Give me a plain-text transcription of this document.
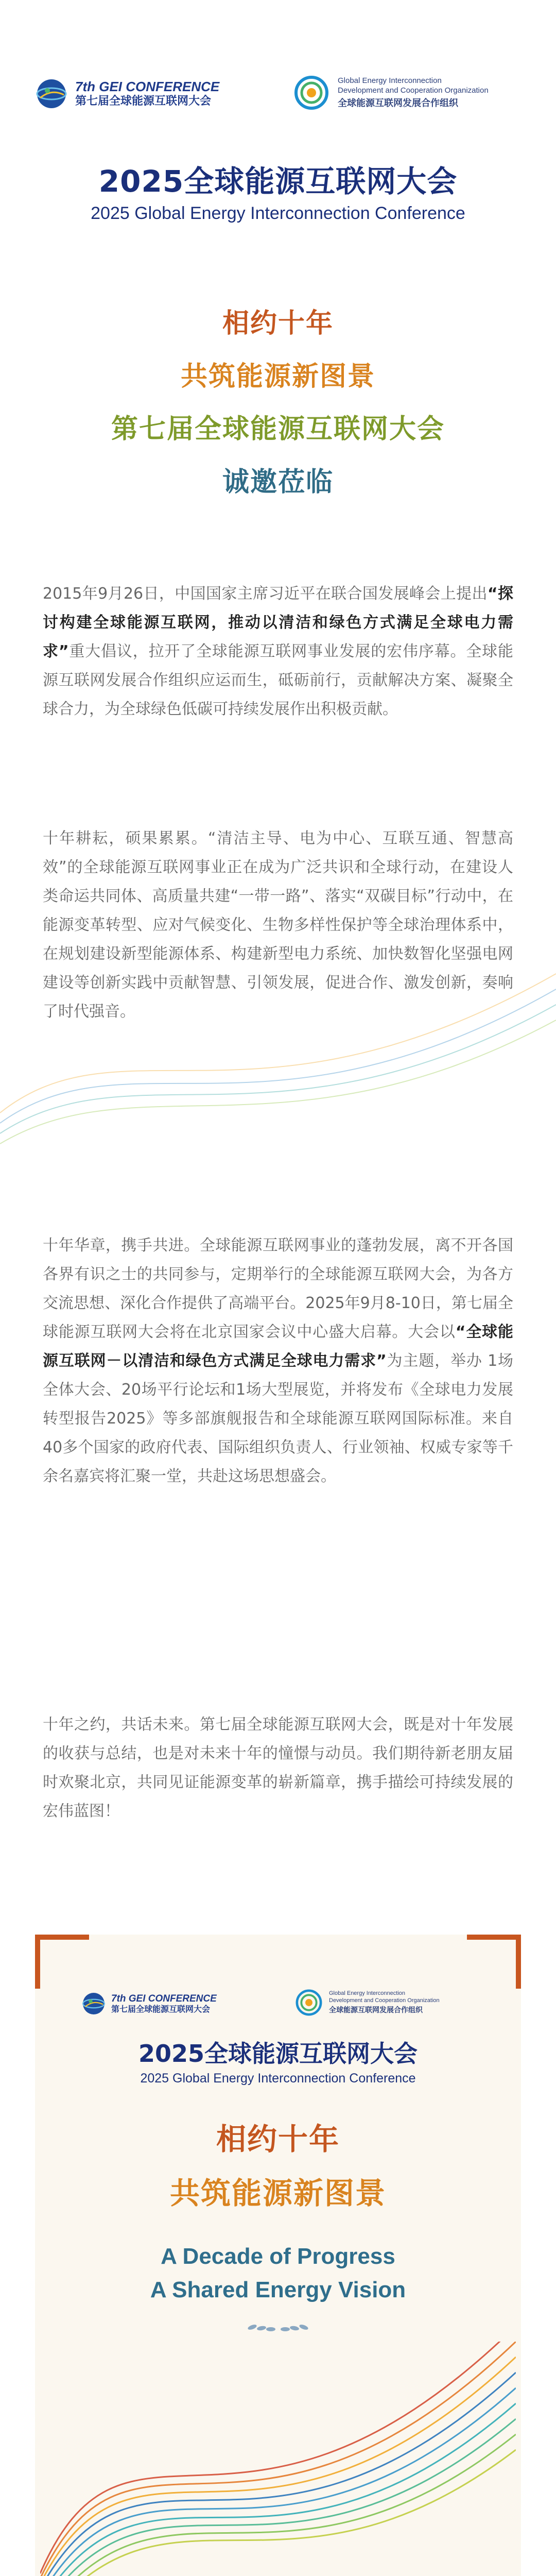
7th GEI CONFERENCE
第七届全球能源互联网大会
Global Energy Interconnection
Development and Cooperation Organization
全球能源互联网发展合作组织
2025全球能源互联网大会
2025 Global Energy Interconnection Conference
相约十年
共筑能源新图景
第七届全球能源互联网大会
诚邀莅临

2015年9月26日，中国国家主席习近平在联合国发展峰会上提出“探讨构建全球能源互联网，推动以清洁和绿色方式满足全球电力需求”重大倡议，拉开了全球能源互联网事业发展的宏伟序幕。全球能源互联网发展合作组织应运而生，砥砺前行，贡献解决方案、凝聚全球合力，为全球绿色低碳可持续发展作出积极贡献。

十年耕耘，硕果累累。“清洁主导、电为中心、互联互通、智慧高效”的全球能源互联网事业正在成为广泛共识和全球行动，在建设人类命运共同体、高质量共建“一带一路”、落实“双碳目标”行动中，在能源变革转型、应对气候变化、生物多样性保护等全球治理体系中，在规划建设新型能源体系、构建新型电力系统、加快数智化坚强电网建设等创新实践中贡献智慧、引领发展，促进合作、激发创新，奏响了时代强音。

十年华章，携手共进。全球能源互联网事业的蓬勃发展，离不开各国各界有识之士的共同参与，定期举行的全球能源互联网大会，为各方交流思想、深化合作提供了高端平台。2025年9月8-10日，第七届全球能源互联网大会将在北京国家会议中心盛大启幕。大会以“全球能源互联网－以清洁和绿色方式满足全球电力需求”为主题，举办 1场全体大会、20场平行论坛和1场大型展览，并将发布《全球电力发展转型报告2025》等多部旗舰报告和全球能源互联网国际标准。来自40多个国家的政府代表、国际组织负责人、行业领袖、权威专家等千余名嘉宾将汇聚一堂，共赴这场思想盛会。

十年之约，共话未来。第七届全球能源互联网大会，既是对十年发展的收获与总结，也是对未来十年的憧憬与动员。我们期待新老朋友届时欢聚北京，共同见证能源变革的崭新篇章，携手描绘可持续发展的宏伟蓝图！

7th GEI CONFERENCE
第七届全球能源互联网大会
Global Energy Interconnection
Development and Cooperation Organization
全球能源互联网发展合作组织
2025全球能源互联网大会
2025 Global Energy Interconnection Conference
相约十年
共筑能源新图景
A Decade of Progress
A Shared Energy Vision
